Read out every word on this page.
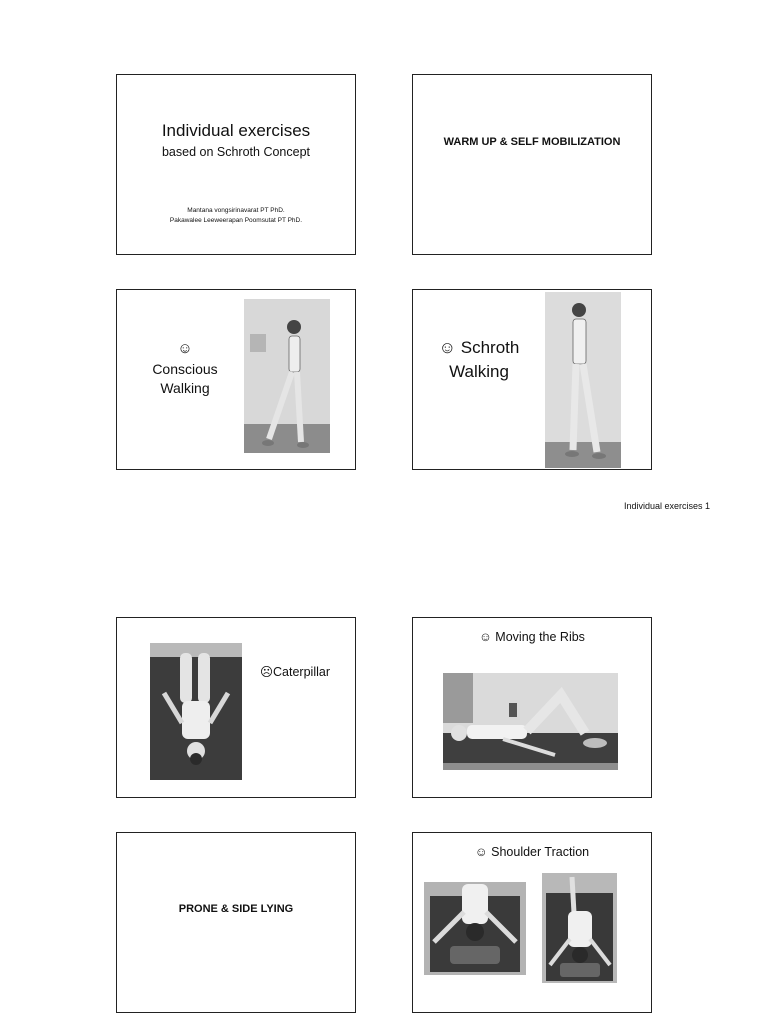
Individual exercises
based on Schroth Concept
Mantana vongsirinavarat PT PhD.
Pakawalee Leeweerapan Poomsutat PT PhD.
WARM UP & SELF MOBILIZATION
☺
Conscious
Walking
☺ Schroth
Walking
Individual exercises 1
☹Caterpillar
☺ Moving the Ribs
PRONE & SIDE LYING
☺ Shoulder Traction
